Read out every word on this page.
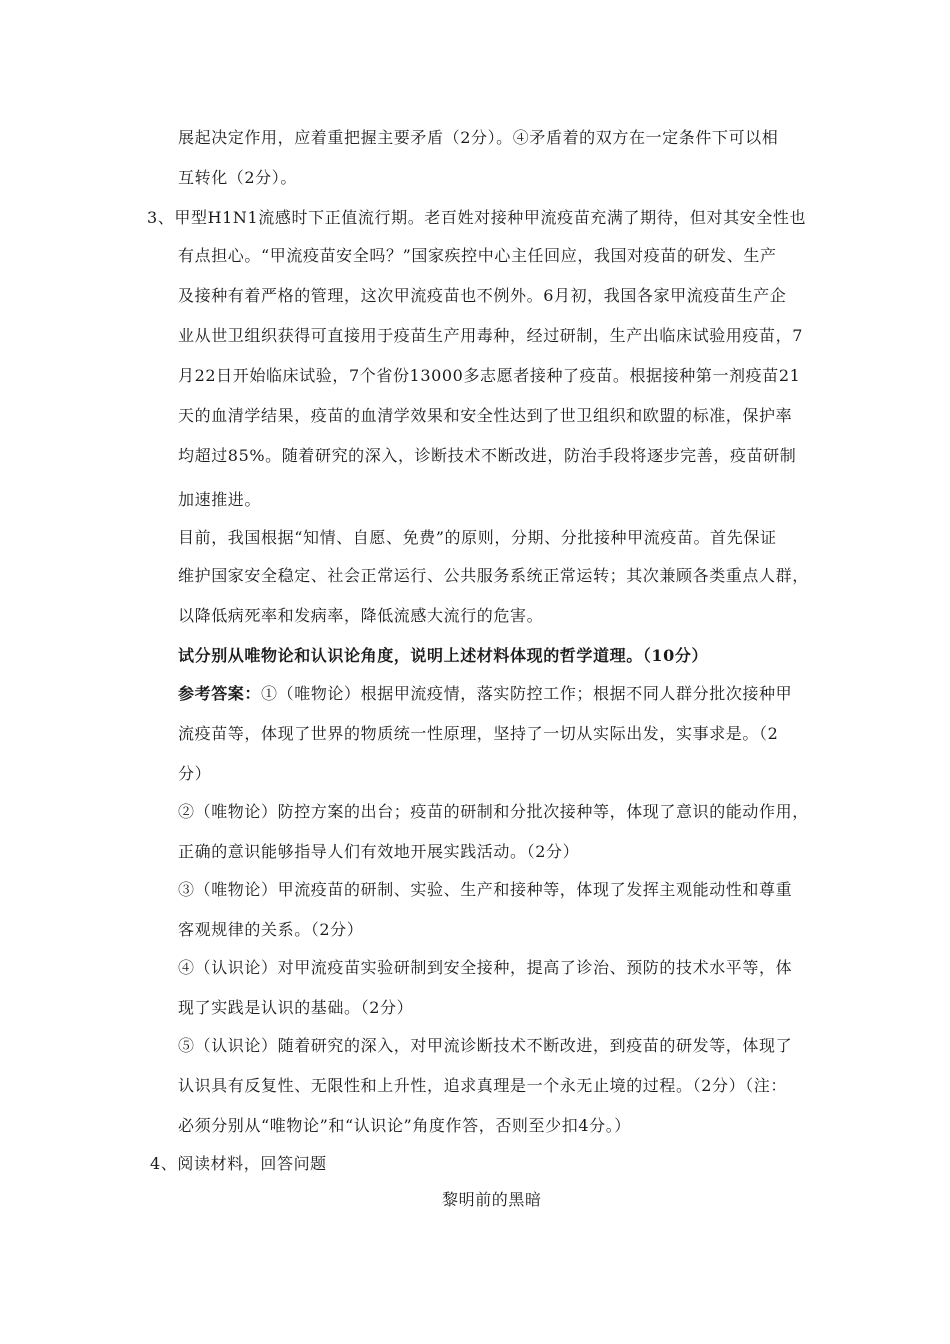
展起决定作用，应着重把握主要矛盾（2分）。④矛盾着的双方在一定条件下可以相
互转化（2分）。
3、甲型H1N1流感时下正值流行期。老百姓对接种甲流疫苗充满了期待，但对其安全性也
有点担心。“甲流疫苗安全吗？”国家疾控中心主任回应，我国对疫苗的研发、生产
及接种有着严格的管理，这次甲流疫苗也不例外。6月初，我国各家甲流疫苗生产企
业从世卫组织获得可直接用于疫苗生产用毒种，经过研制，生产出临床试验用疫苗，7
月22日开始临床试验，7个省份13000多志愿者接种了疫苗。根据接种第一剂疫苗21
天的血清学结果，疫苗的血清学效果和安全性达到了世卫组织和欧盟的标准，保护率
均超过85%。随着研究的深入，诊断技术不断改进，防治手段将逐步完善，疫苗研制
加速推进。
目前，我国根据“知情、自愿、免费”的原则，分期、分批接种甲流疫苗。首先保证
维护国家安全稳定、社会正常运行、公共服务系统正常运转；其次兼顾各类重点人群，
以降低病死率和发病率，降低流感大流行的危害。
试分别从唯物论和认识论角度，说明上述材料体现的哲学道理。（10分）
参考答案：①（唯物论）根据甲流疫情，落实防控工作；根据不同人群分批次接种甲
流疫苗等，体现了世界的物质统一性原理，坚持了一切从实际出发，实事求是。（2
分）
②（唯物论）防控方案的出台；疫苗的研制和分批次接种等，体现了意识的能动作用，
正确的意识能够指导人们有效地开展实践活动。（2分）
③（唯物论）甲流疫苗的研制、实验、生产和接种等，体现了发挥主观能动性和尊重
客观规律的关系。（2分）
④（认识论）对甲流疫苗实验研制到安全接种，提高了诊治、预防的技术水平等，体
现了实践是认识的基础。（2分）
⑤（认识论）随着研究的深入，对甲流诊断技术不断改进，到疫苗的研发等，体现了
认识具有反复性、无限性和上升性，追求真理是一个永无止境的过程。（2分）（注：
必须分别从“唯物论”和“认识论”角度作答，否则至少扣4分。）
4、阅读材料，回答问题
黎明前的黑暗
